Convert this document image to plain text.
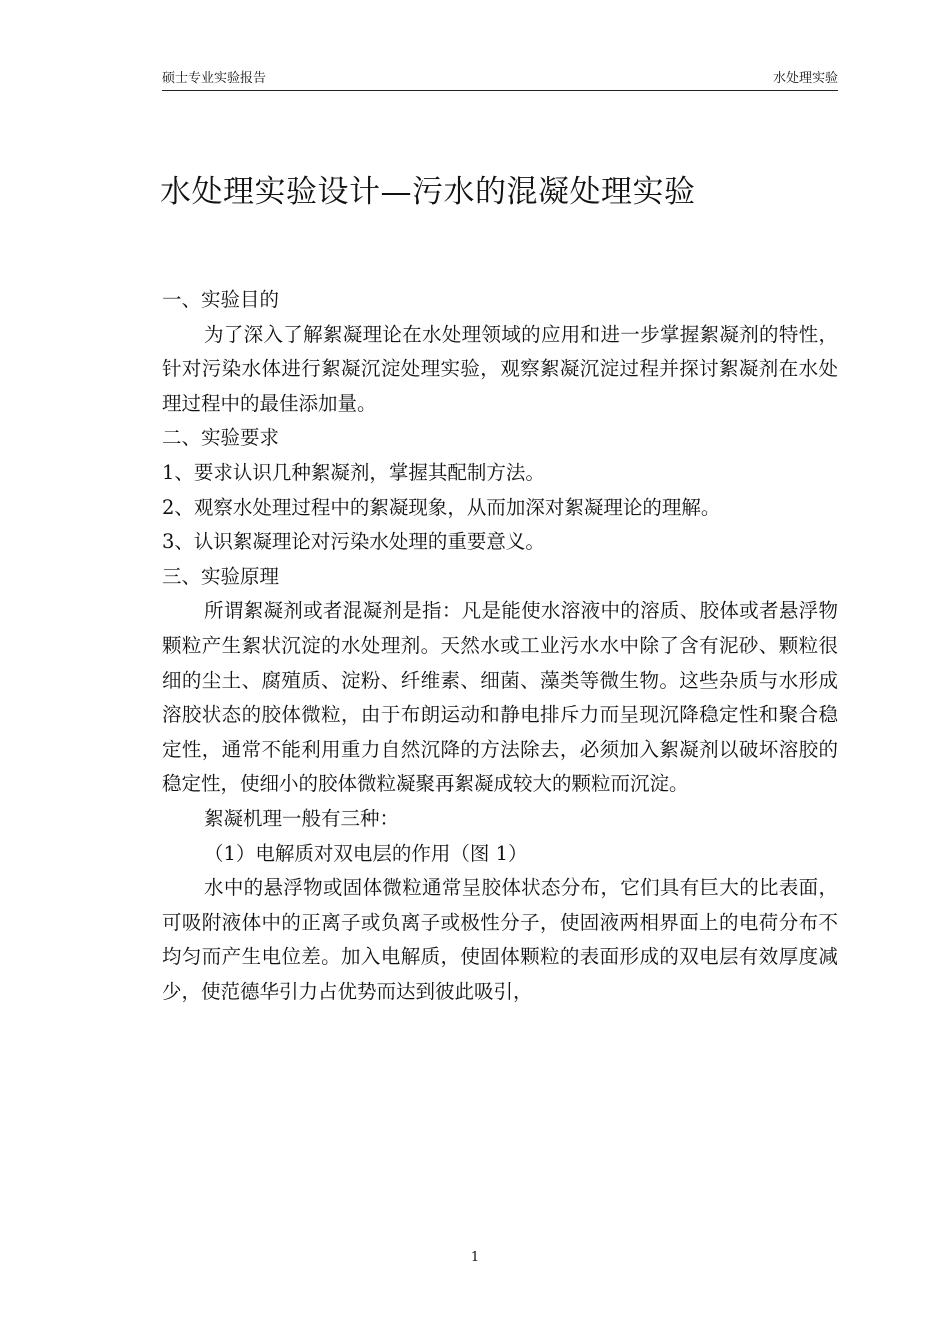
硕士专业实验报告	水处理实验
水处理实验设计—污水的混凝处理实验

一、实验目的

为了深入了解絮凝理论在水处理领域的应用和进一步掌握絮凝剂的特性，针对污染水体进行絮凝沉淀处理实验，观察絮凝沉淀过程并探讨絮凝剂在水处理过程中的最佳添加量。

二、实验要求

1、要求认识几种絮凝剂，掌握其配制方法。

2、观察水处理过程中的絮凝现象，从而加深对絮凝理论的理解。

3、认识絮凝理论对污染水处理的重要意义。

三、实验原理

所谓絮凝剂或者混凝剂是指：凡是能使水溶液中的溶质、胶体或者悬浮物颗粒产生絮状沉淀的水处理剂。天然水或工业污水水中除了含有泥砂、颗粒很细的尘土、腐殖质、淀粉、纤维素、细菌、藻类等微生物。这些杂质与水形成溶胶状态的胶体微粒，由于布朗运动和静电排斥力而呈现沉降稳定性和聚合稳定性，通常不能利用重力自然沉降的方法除去，必须加入絮凝剂以破坏溶胶的稳定性，使细小的胶体微粒凝聚再絮凝成较大的颗粒而沉淀。

絮凝机理一般有三种：

（1）电解质对双电层的作用（图 1）

水中的悬浮物或固体微粒通常呈胶体状态分布，它们具有巨大的比表面，可吸附液体中的正离子或负离子或极性分子，使固液两相界面上的电荷分布不均匀而产生电位差。加入电解质，使固体颗粒的表面形成的双电层有效厚度减少，使范德华引力占优势而达到彼此吸引，

1
